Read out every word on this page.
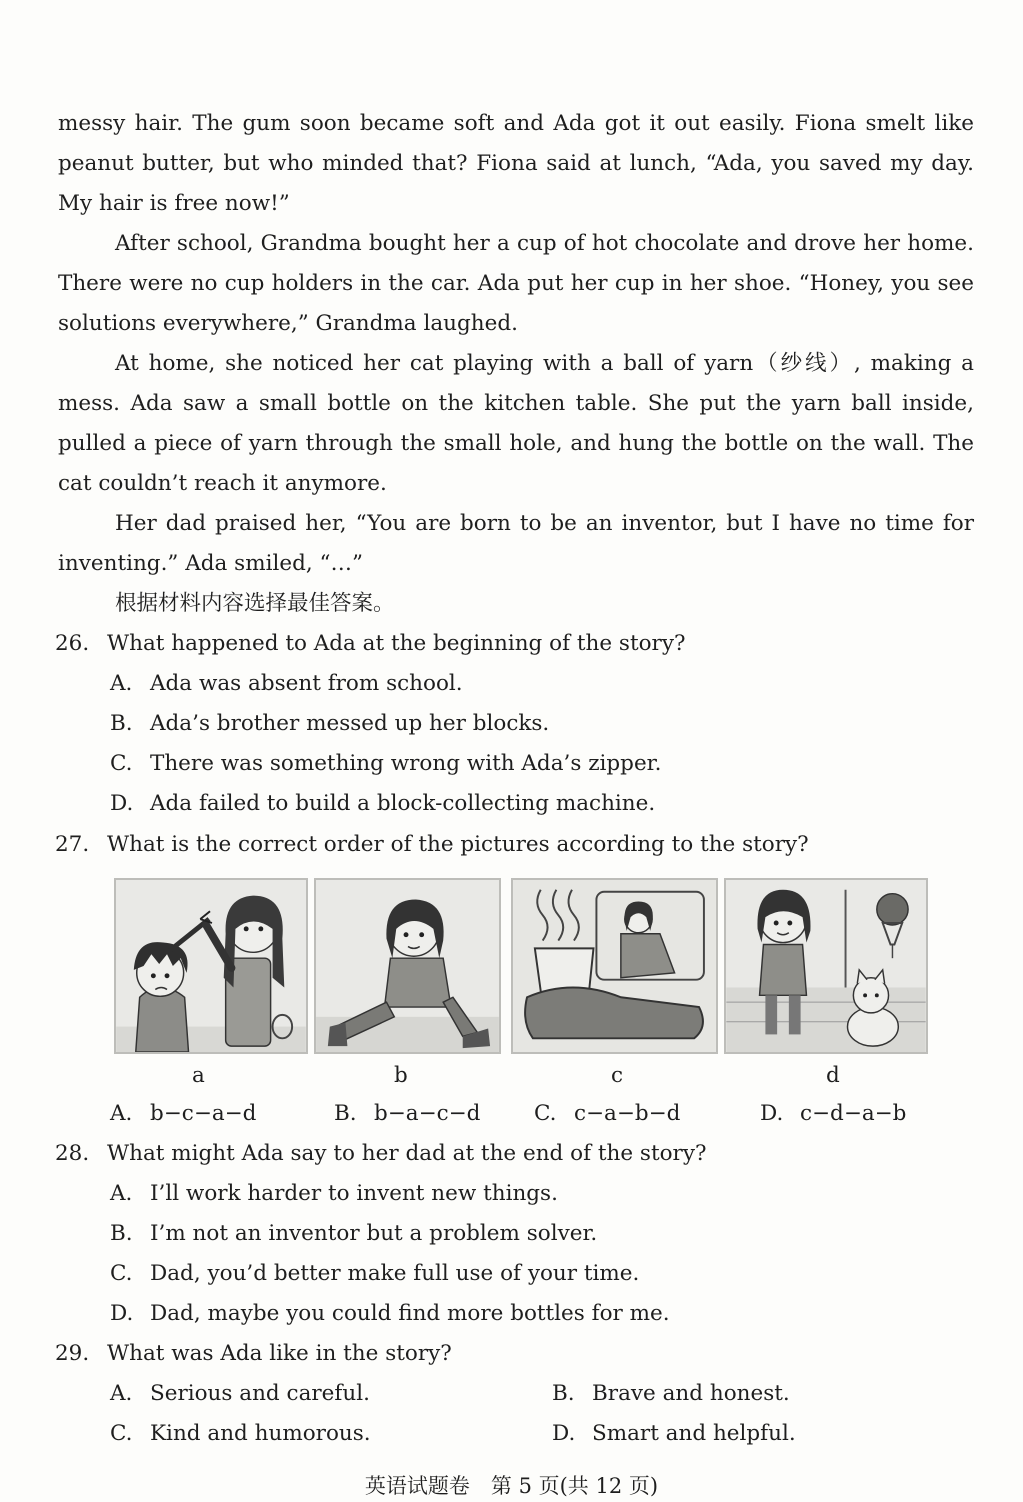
messy hair. The gum soon became soft and Ada got it out easily. Fiona smelt like
peanut butter, but who minded that? Fiona said at lunch, “Ada, you saved my day.
My hair is free now!”
After school, Grandma bought her a cup of hot chocolate and drove her home.
There were no cup holders in the car. Ada put her cup in her shoe. “Honey, you see
solutions everywhere,” Grandma laughed.
At home, she noticed her cat playing with a ball of yarn（纱线）, making a
mess. Ada saw a small bottle on the kitchen table. She put the yarn ball inside,
pulled a piece of yarn through the small hole, and hung the bottle on the wall. The
cat couldn’t reach it anymore.
Her dad praised her, “You are born to be an inventor, but I have no time for
inventing.” Ada smiled, “…”
根据材料内容选择最佳答案。
26. What happened to Ada at the beginning of the story?
A. Ada was absent from school.
B. Ada’s brother messed up her blocks.
C. There was something wrong with Ada’s zipper.
D. Ada failed to build a block-collecting machine.
27. What is the correct order of the pictures according to the story?
a	b	c	d
A. b−c−a−d	B. b−a−c−d C. c−a−b−d	D. c−d−a−b
28. What might Ada say to her dad at the end of the story?
A. I’ll work harder to invent new things.
B. I’m not an inventor but a problem solver.
C. Dad, you’d better make full use of your time.
D. Dad, maybe you could find more bottles for me.
29. What was Ada like in the story?
A. Serious and careful.	B. Brave and honest.
C. Kind and humorous.	D. Smart and helpful.
英语试题卷　第 5 页(共 12 页)
